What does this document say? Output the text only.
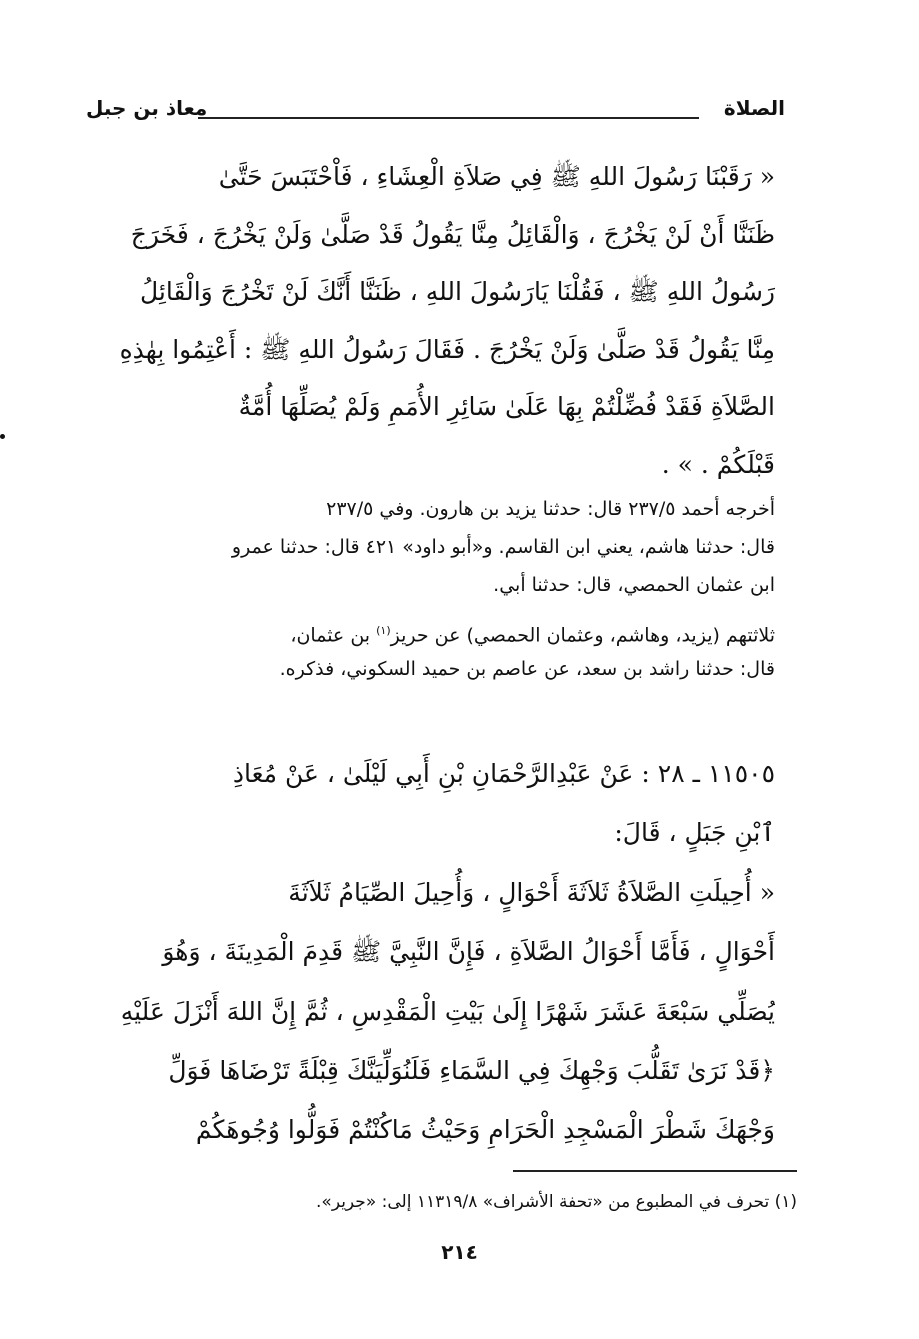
الصلاة
معاذ بن جبل
« رَقَبْنَا رَسُولَ اللهِ ﷺ فِي صَلاَةِ الْعِشَاءِ ، فَاْحْتَبَسَ حَتَّىٰ
ظَنَنَّا أَنْ لَنْ يَخْرُجَ ، وَالْقَائِلُ مِنَّا يَقُولُ قَدْ صَلَّىٰ وَلَنْ يَخْرُجَ ، فَخَرَجَ
رَسُولُ اللهِ ﷺ ، فَقُلْنَا يَارَسُولَ اللهِ ، ظَنَنَّا أَنَّكَ لَنْ تَخْرُجَ وَالْقَائِلُ
مِنَّا يَقُولُ قَدْ صَلَّىٰ وَلَنْ يَخْرُجَ . فَقَالَ رَسُولُ اللهِ ﷺ : أَعْتِمُوا بِهٰذِهِ
الصَّلاَةِ فَقَدْ فُضِّلْتُمْ بِهَا عَلَىٰ سَائِرِ الأُمَمِ وَلَمْ يُصَلِّهَا أُمَّةٌ
قَبْلَكُمْ . » .
أخرجه أحمد ٢٣٧/٥ قال: حدثنا يزيد بن هارون. وفي ٢٣٧/٥
قال: حدثنا هاشم، يعني ابن القاسم. و«أبو داود» ٤٢١ قال: حدثنا عمرو
ابن عثمان الحمصي، قال: حدثنا أبي.
ثلاثتهم (يزيد، وهاشم، وعثمان الحمصي) عن حريز$^{(١)}$ بن عثمان،
قال: حدثنا راشد بن سعد، عن عاصم بن حميد السكوني، فذكره.
١١٥٠٥ ـ ٢٨ : عَنْ عَبْدِالرَّحْمَانِ بْنِ أَبِي لَيْلَىٰ ، عَنْ مُعَاذِ
ٱبْنِ جَبَلٍ ، قَالَ:
« أُحِيلَتِ الصَّلاَةُ ثَلاَثَةَ أَحْوَالٍ ، وَأُحِيلَ الصِّيَامُ ثَلاَثَةَ
أَحْوَالٍ ، فَأَمَّا أَحْوَالُ الصَّلاَةِ ، فَإِنَّ النَّبِيَّ ﷺ قَدِمَ الْمَدِينَةَ ، وَهُوَ
يُصَلِّي سَبْعَةَ عَشَرَ شَهْرًا إِلَىٰ بَيْتِ الْمَقْدِسِ ، ثُمَّ إِنَّ اللهَ أَنْزَلَ عَلَيْهِ
﴿قَدْ نَرَىٰ تَقَلُّبَ وَجْهِكَ فِي السَّمَاءِ فَلَنُوَلِّيَنَّكَ قِبْلَةً تَرْضَاهَا فَوَلِّ
وَجْهَكَ شَطْرَ الْمَسْجِدِ الْحَرَامِ وَحَيْثُ مَاكُنْتُمْ فَوَلُّوا وُجُوهَكُمْ
(١) تحرف في المطبوع من «تحفة الأشراف» ١١٣١٩/٨ إلى: «جرير».
٢١٤
